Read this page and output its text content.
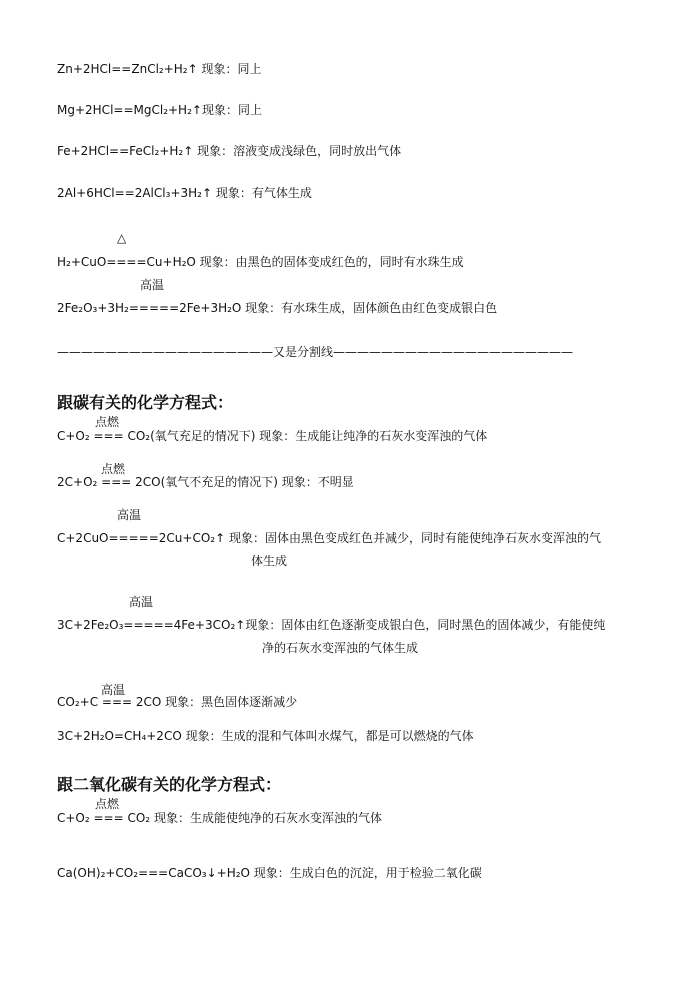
Zn+2HCl==ZnCl₂+H₂↑ 现象：同上
Mg+2HCl==MgCl₂+H₂↑现象：同上
Fe+2HCl==FeCl₂+H₂↑ 现象：溶液变成浅绿色，同时放出气体
2Al+6HCl==2AlCl₃+3H₂↑ 现象：有气体生成
△
H₂+CuO====Cu+H₂O 现象：由黑色的固体变成红色的，同时有水珠生成
高温
2Fe₂O₃+3H₂=====2Fe+3H₂O 现象：有水珠生成，固体颜色由红色变成银白色
——————————————————又是分割线————————————————————
跟碳有关的化学方程式：
点燃
C+O₂ === CO₂(氧气充足的情况下) 现象：生成能让纯净的石灰水变浑浊的气体
点燃
2C+O₂ === 2CO(氧气不充足的情况下) 现象：不明显
高温
C+2CuO=====2Cu+CO₂↑ 现象：固体由黑色变成红色并减少，同时有能使纯净石灰水变浑浊的气
体生成
高温
3C+2Fe₂O₃=====4Fe+3CO₂↑现象：固体由红色逐渐变成银白色，同时黑色的固体减少，有能使纯
净的石灰水变浑浊的气体生成
高温
CO₂+C === 2CO 现象：黑色固体逐渐减少
3C+2H₂O=CH₄+2CO 现象：生成的混和气体叫水煤气，都是可以燃烧的气体
跟二氧化碳有关的化学方程式：
点燃
C+O₂ === CO₂ 现象：生成能使纯净的石灰水变浑浊的气体
Ca(OH)₂+CO₂===CaCO₃↓+H₂O 现象：生成白色的沉淀，用于检验二氧化碳
